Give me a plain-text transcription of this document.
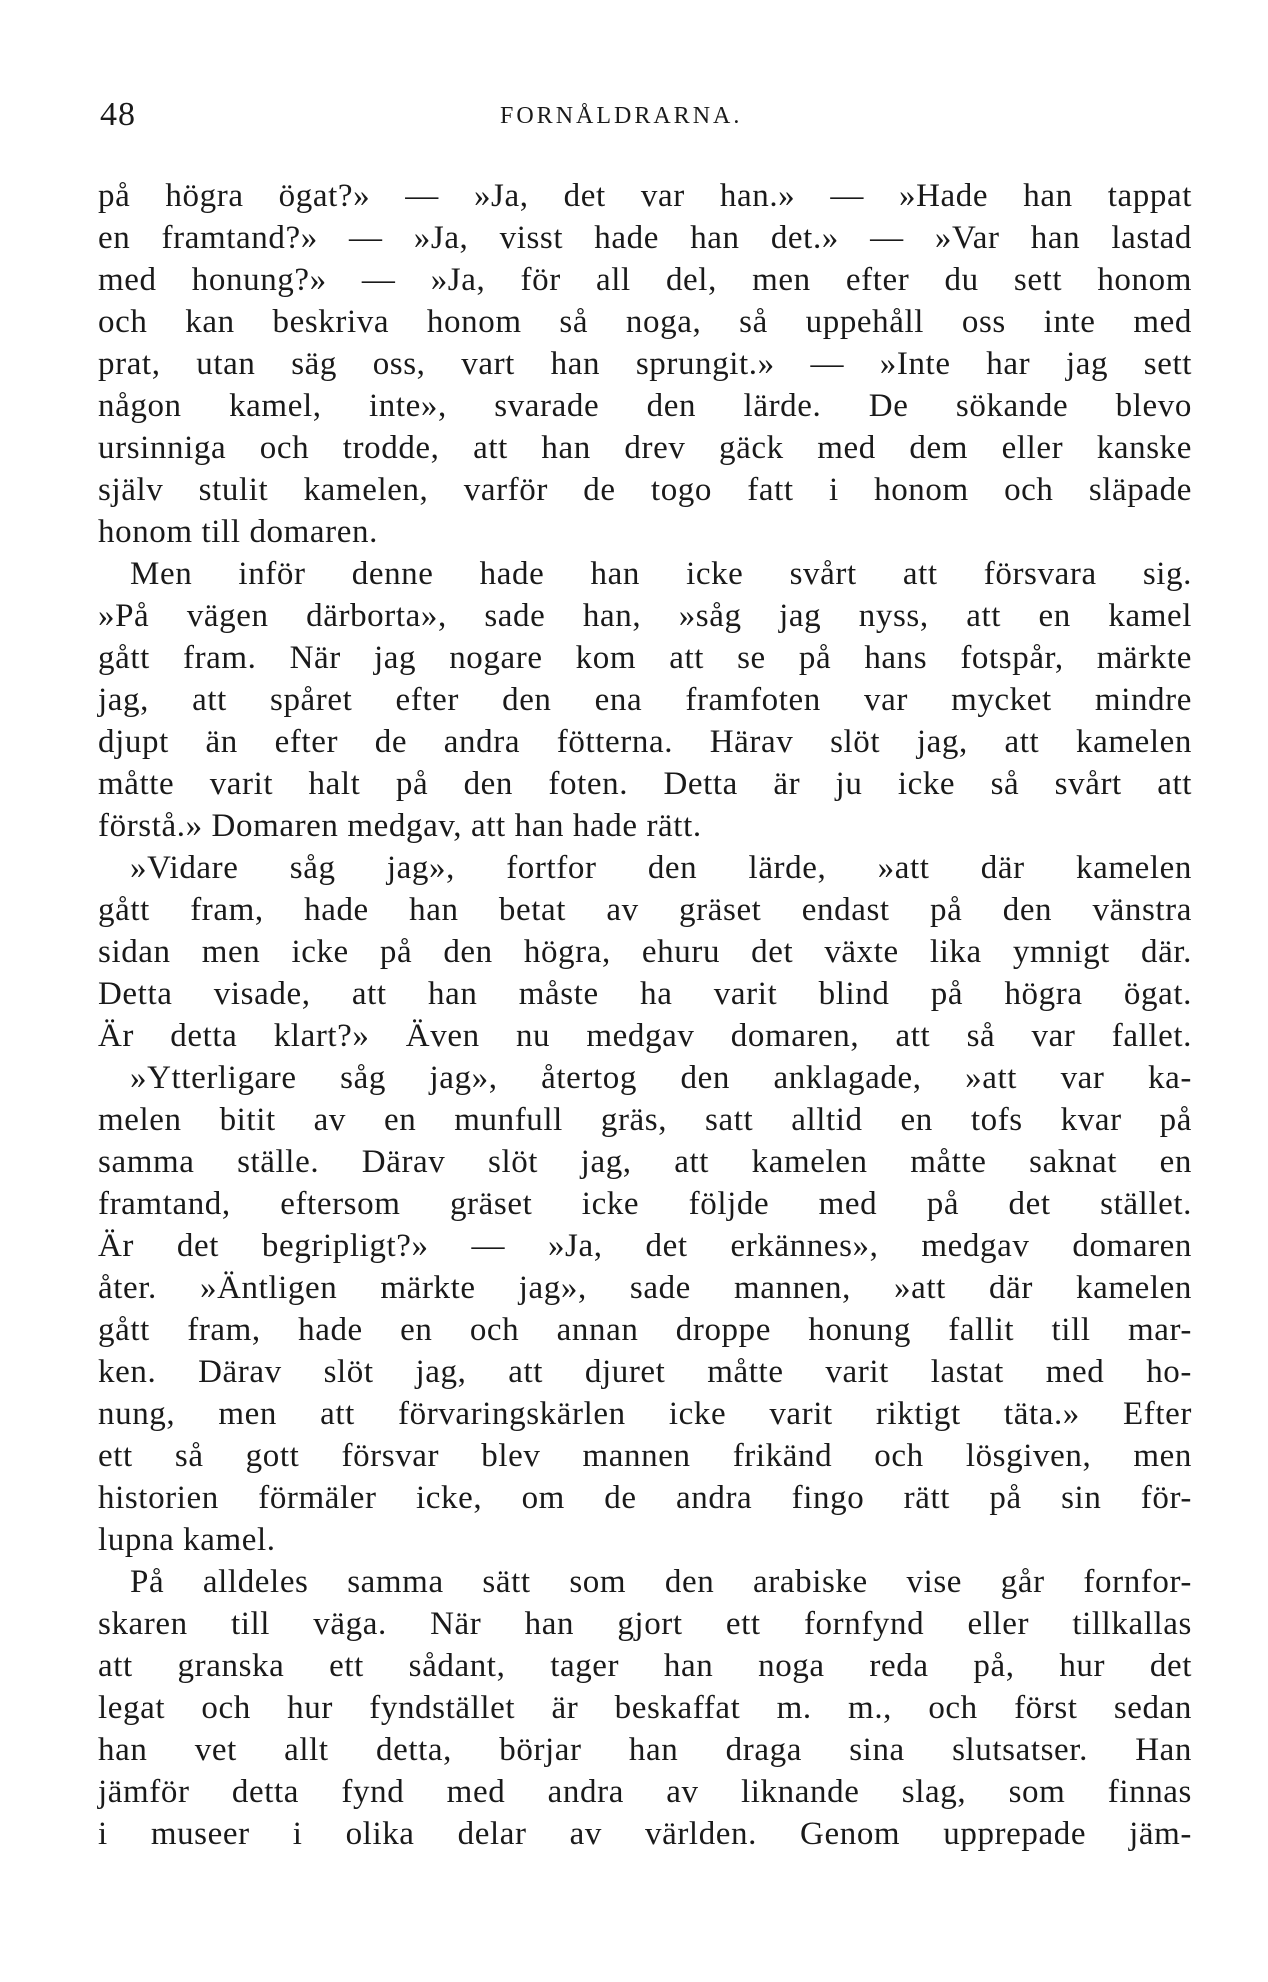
48	FORNÅLDRARNA.
på högra ögat?» — »Ja, det var han.» — »Hade han tappat
en framtand?» — »Ja, visst hade han det.» — »Var han lastad
med honung?» — »Ja, för all del, men efter du sett honom
och kan beskriva honom så noga, så uppehåll oss inte med
prat, utan säg oss, vart han sprungit.» — »Inte har jag sett
någon kamel, inte», svarade den lärde. De sökande blevo
ursinniga och trodde, att han drev gäck med dem eller kanske
själv stulit kamelen, varför de togo fatt i honom och släpade
honom till domaren.
Men inför denne hade han icke svårt att försvara sig.
»På vägen därborta», sade han, »såg jag nyss, att en kamel
gått fram. När jag nogare kom att se på hans fotspår, märkte
jag, att spåret efter den ena framfoten var mycket mindre
djupt än efter de andra fötterna. Härav slöt jag, att kamelen
måtte varit halt på den foten. Detta är ju icke så svårt att
förstå.» Domaren medgav, att han hade rätt.
»Vidare såg jag», fortfor den lärde, »att där kamelen
gått fram, hade han betat av gräset endast på den vänstra
sidan men icke på den högra, ehuru det växte lika ymnigt där.
Detta visade, att han måste ha varit blind på högra ögat.
Är detta klart?» Även nu medgav domaren, att så var fallet.
»Ytterligare såg jag», återtog den anklagade, »att var ka-
melen bitit av en munfull gräs, satt alltid en tofs kvar på
samma ställe. Därav slöt jag, att kamelen måtte saknat en
framtand, eftersom gräset icke följde med på det stället.
Är det begripligt?» — »Ja, det erkännes», medgav domaren
åter. »Äntligen märkte jag», sade mannen, »att där kamelen
gått fram, hade en och annan droppe honung fallit till mar-
ken. Därav slöt jag, att djuret måtte varit lastat med ho-
nung, men att förvaringskärlen icke varit riktigt täta.» Efter
ett så gott försvar blev mannen frikänd och lösgiven, men
historien förmäler icke, om de andra fingo rätt på sin för-
lupna kamel.
På alldeles samma sätt som den arabiske vise går fornfor-
skaren till väga. När han gjort ett fornfynd eller tillkallas
att granska ett sådant, tager han noga reda på, hur det
legat och hur fyndstället är beskaffat m. m., och först sedan
han vet allt detta, börjar han draga sina slutsatser. Han
jämför detta fynd med andra av liknande slag, som finnas
i museer i olika delar av världen. Genom upprepade jäm-
